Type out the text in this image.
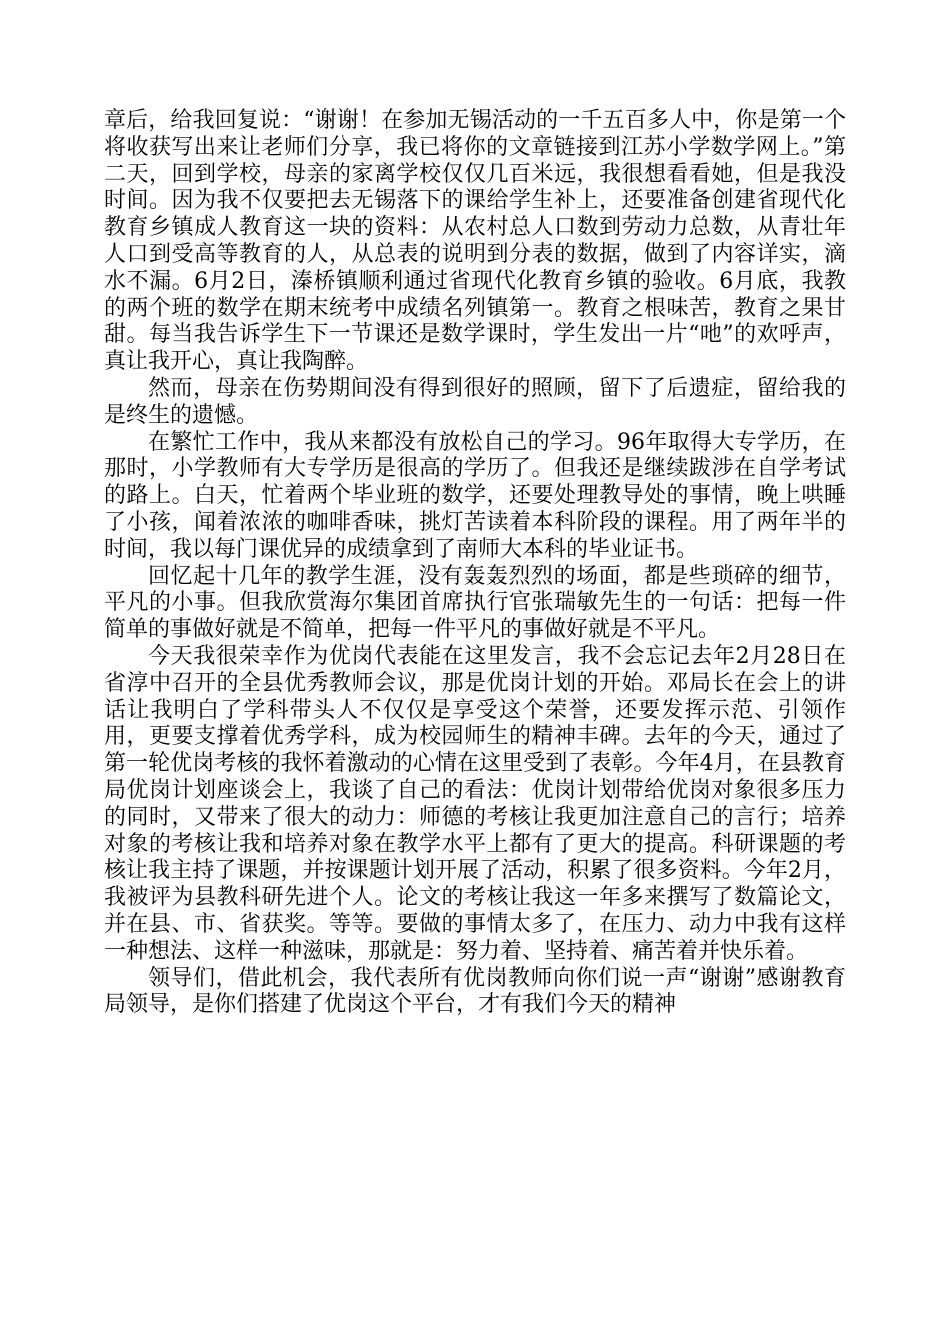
章后，给我回复说：“谢谢！在参加无锡活动的一千五百多人中，你是第一个将收获写出来让老师们分享，我已将你的文章链接到江苏小学数学网上。”第二天，回到学校，母亲的家离学校仅仅几百米远，我很想看看她，但是我没时间。因为我不仅要把去无锡落下的课给学生补上，还要准备创建省现代化教育乡镇成人教育这一块的资料：从农村总人口数到劳动力总数，从青壮年人口到受高等教育的人，从总表的说明到分表的数据，做到了内容详实，滴水不漏。6月2日，溱桥镇顺利通过省现代化教育乡镇的验收。6月底，我教的两个班的数学在期末统考中成绩名列镇第一。教育之根味苦，教育之果甘甜。每当我告诉学生下一节课还是数学课时，学生发出一片“吔”的欢呼声，真让我开心，真让我陶醉。

然而，母亲在伤势期间没有得到很好的照顾，留下了后遗症，留给我的是终生的遗憾。

在繁忙工作中，我从来都没有放松自己的学习。96年取得大专学历，在那时，小学教师有大专学历是很高的学历了。但我还是继续跋涉在自学考试的路上。白天，忙着两个毕业班的数学，还要处理教导处的事情，晚上哄睡了小孩，闻着浓浓的咖啡香味，挑灯苦读着本科阶段的课程。用了两年半的时间，我以每门课优异的成绩拿到了南师大本科的毕业证书。

回忆起十几年的教学生涯，没有轰轰烈烈的场面，都是些琐碎的细节，平凡的小事。但我欣赏海尔集团首席执行官张瑞敏先生的一句话：把每一件简单的事做好就是不简单，把每一件平凡的事做好就是不平凡。

今天我很荣幸作为优岗代表能在这里发言，我不会忘记去年2月28日在省淳中召开的全县优秀教师会议，那是优岗计划的开始。邓局长在会上的讲话让我明白了学科带头人不仅仅是享受这个荣誉，还要发挥示范、引领作用，更要支撑着优秀学科，成为校园师生的精神丰碑。去年的今天，通过了第一轮优岗考核的我怀着激动的心情在这里受到了表彰。今年4月，在县教育局优岗计划座谈会上，我谈了自己的看法：优岗计划带给优岗对象很多压力的同时，又带来了很大的动力：师德的考核让我更加注意自己的言行；培养对象的考核让我和培养对象在教学水平上都有了更大的提高。科研课题的考核让我主持了课题，并按课题计划开展了活动，积累了很多资料。今年2月，我被评为县教科研先进个人。论文的考核让我这一年多来撰写了数篇论文，并在县、市、省获奖。等等。要做的事情太多了，在压力、动力中我有这样一种想法、这样一种滋味，那就是：努力着、坚持着、痛苦着并快乐着。

领导们，借此机会，我代表所有优岗教师向你们说一声“谢谢”感谢教育局领导，是你们搭建了优岗这个平台，才有我们今天的精神
